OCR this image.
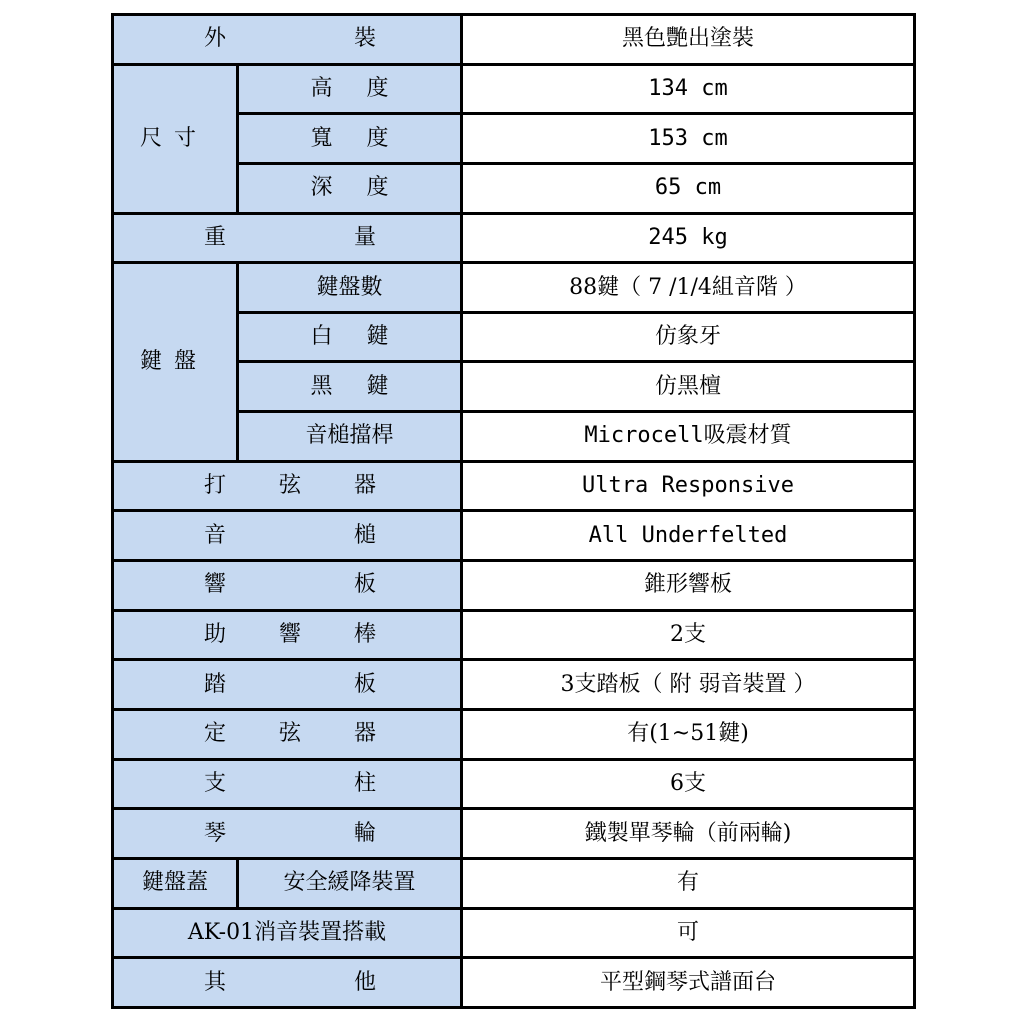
外 裝		黑色艷出塗裝

尺 寸	高 度	134 cm

	寬 度	153 cm

	深 度	65 cm

重 量		245 kg

鍵 盤	鍵盤數	88鍵（ 7 /1/4組音階 ）

	白 鍵	仿象牙

	黑 鍵	仿黑檀
	音槌擋桿	Microcell吸震材質

打 弦 器		Ultra Responsive

音 槌		All Underfelted

響 板		錐形響板

助 響 棒		2支

踏 板		3支踏板（ 附 弱音裝置 ）

定 弦 器		有(1~51鍵)

支 柱		6支

琴 輪		鐵製單琴輪（前兩輪)
鍵盤蓋	安全緩降裝置	有
AK-01消音裝置搭載		可

其 他		平型鋼琴式譜面台
